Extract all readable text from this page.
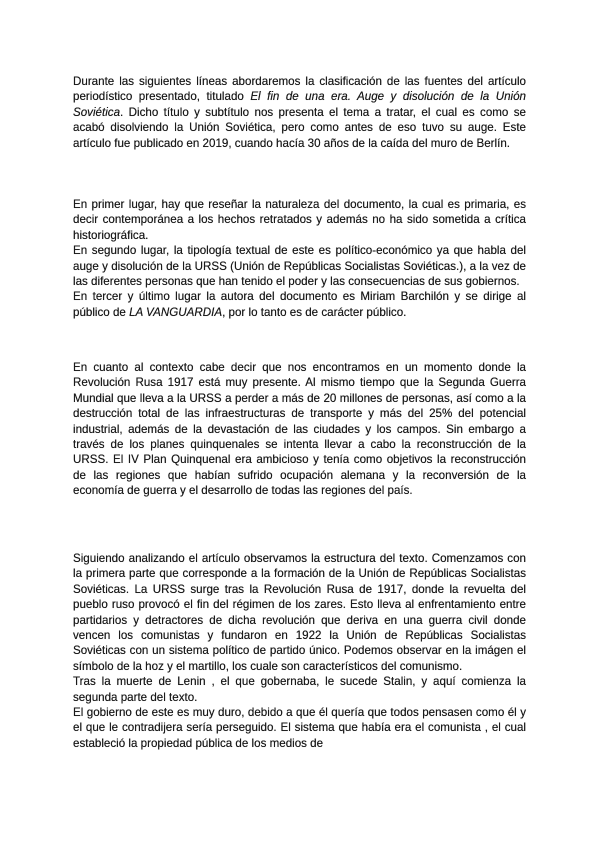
Durante las siguientes líneas abordaremos la clasificación de las fuentes del artículo periodístico presentado, titulado El fin de una era. Auge y disolución de la Unión Soviética. Dicho título y subtítulo nos presenta el tema a tratar, el cual es como se acabó disolviendo la Unión Soviética, pero como antes de eso tuvo su auge. Este artículo fue publicado en 2019, cuando hacía 30 años de la caída del muro de Berlín.

En primer lugar, hay que reseñar la naturaleza del documento, la cual es primaria, es decir contemporánea a los hechos retratados y además no ha sido sometida a crítica historiográfica.

En segundo lugar, la tipología textual de este es político-económico ya que habla del auge y disolución de la URSS (Unión de Repúblicas Socialistas Soviéticas.), a la vez de las diferentes personas que han tenido el poder y las consecuencias de sus gobiernos.

En tercer y último lugar la autora del documento es Miriam Barchilón y se dirige al público de LA VANGUARDIA, por lo tanto es de carácter público.

En cuanto al contexto cabe decir que nos encontramos en un momento donde la Revolución Rusa 1917 está muy presente. Al mismo tiempo que la Segunda Guerra Mundial que lleva a la URSS a perder a más de 20 millones de personas, así como a la destrucción total de las infraestructuras de transporte y más del 25% del potencial industrial, además de la devastación de las ciudades y los campos. Sin embargo a través de los planes quinquenales se intenta llevar a cabo la reconstrucción de la URSS. El IV Plan Quinquenal era ambicioso y tenía como objetivos la reconstrucción de las regiones que habían sufrido ocupación alemana y la reconversión de la economía de guerra y el desarrollo de todas las regiones del país.

Siguiendo analizando el artículo observamos la estructura del texto. Comenzamos con la primera parte que corresponde a la formación de la Unión de Repúblicas Socialistas Soviéticas. La URSS surge tras la Revolución Rusa de 1917, donde la revuelta del pueblo ruso provocó el fin del régimen de los zares. Esto lleva al enfrentamiento entre partidarios y detractores de dicha revolución que deriva en una guerra civil donde vencen los comunistas y fundaron en 1922 la Unión de Repúblicas Socialistas Soviéticas con un sistema político de partido único. Podemos observar en la imágen el símbolo de la hoz y el martillo, los cuale son característicos del comunismo.

Tras la muerte de Lenin , el que gobernaba, le sucede Stalin, y aquí comienza la segunda parte del texto.

El gobierno de este es muy duro, debido a que él quería que todos pensasen como él y el que le contradijera sería perseguido. El sistema que había era el comunista , el cual estableció la propiedad pública de los medios de
